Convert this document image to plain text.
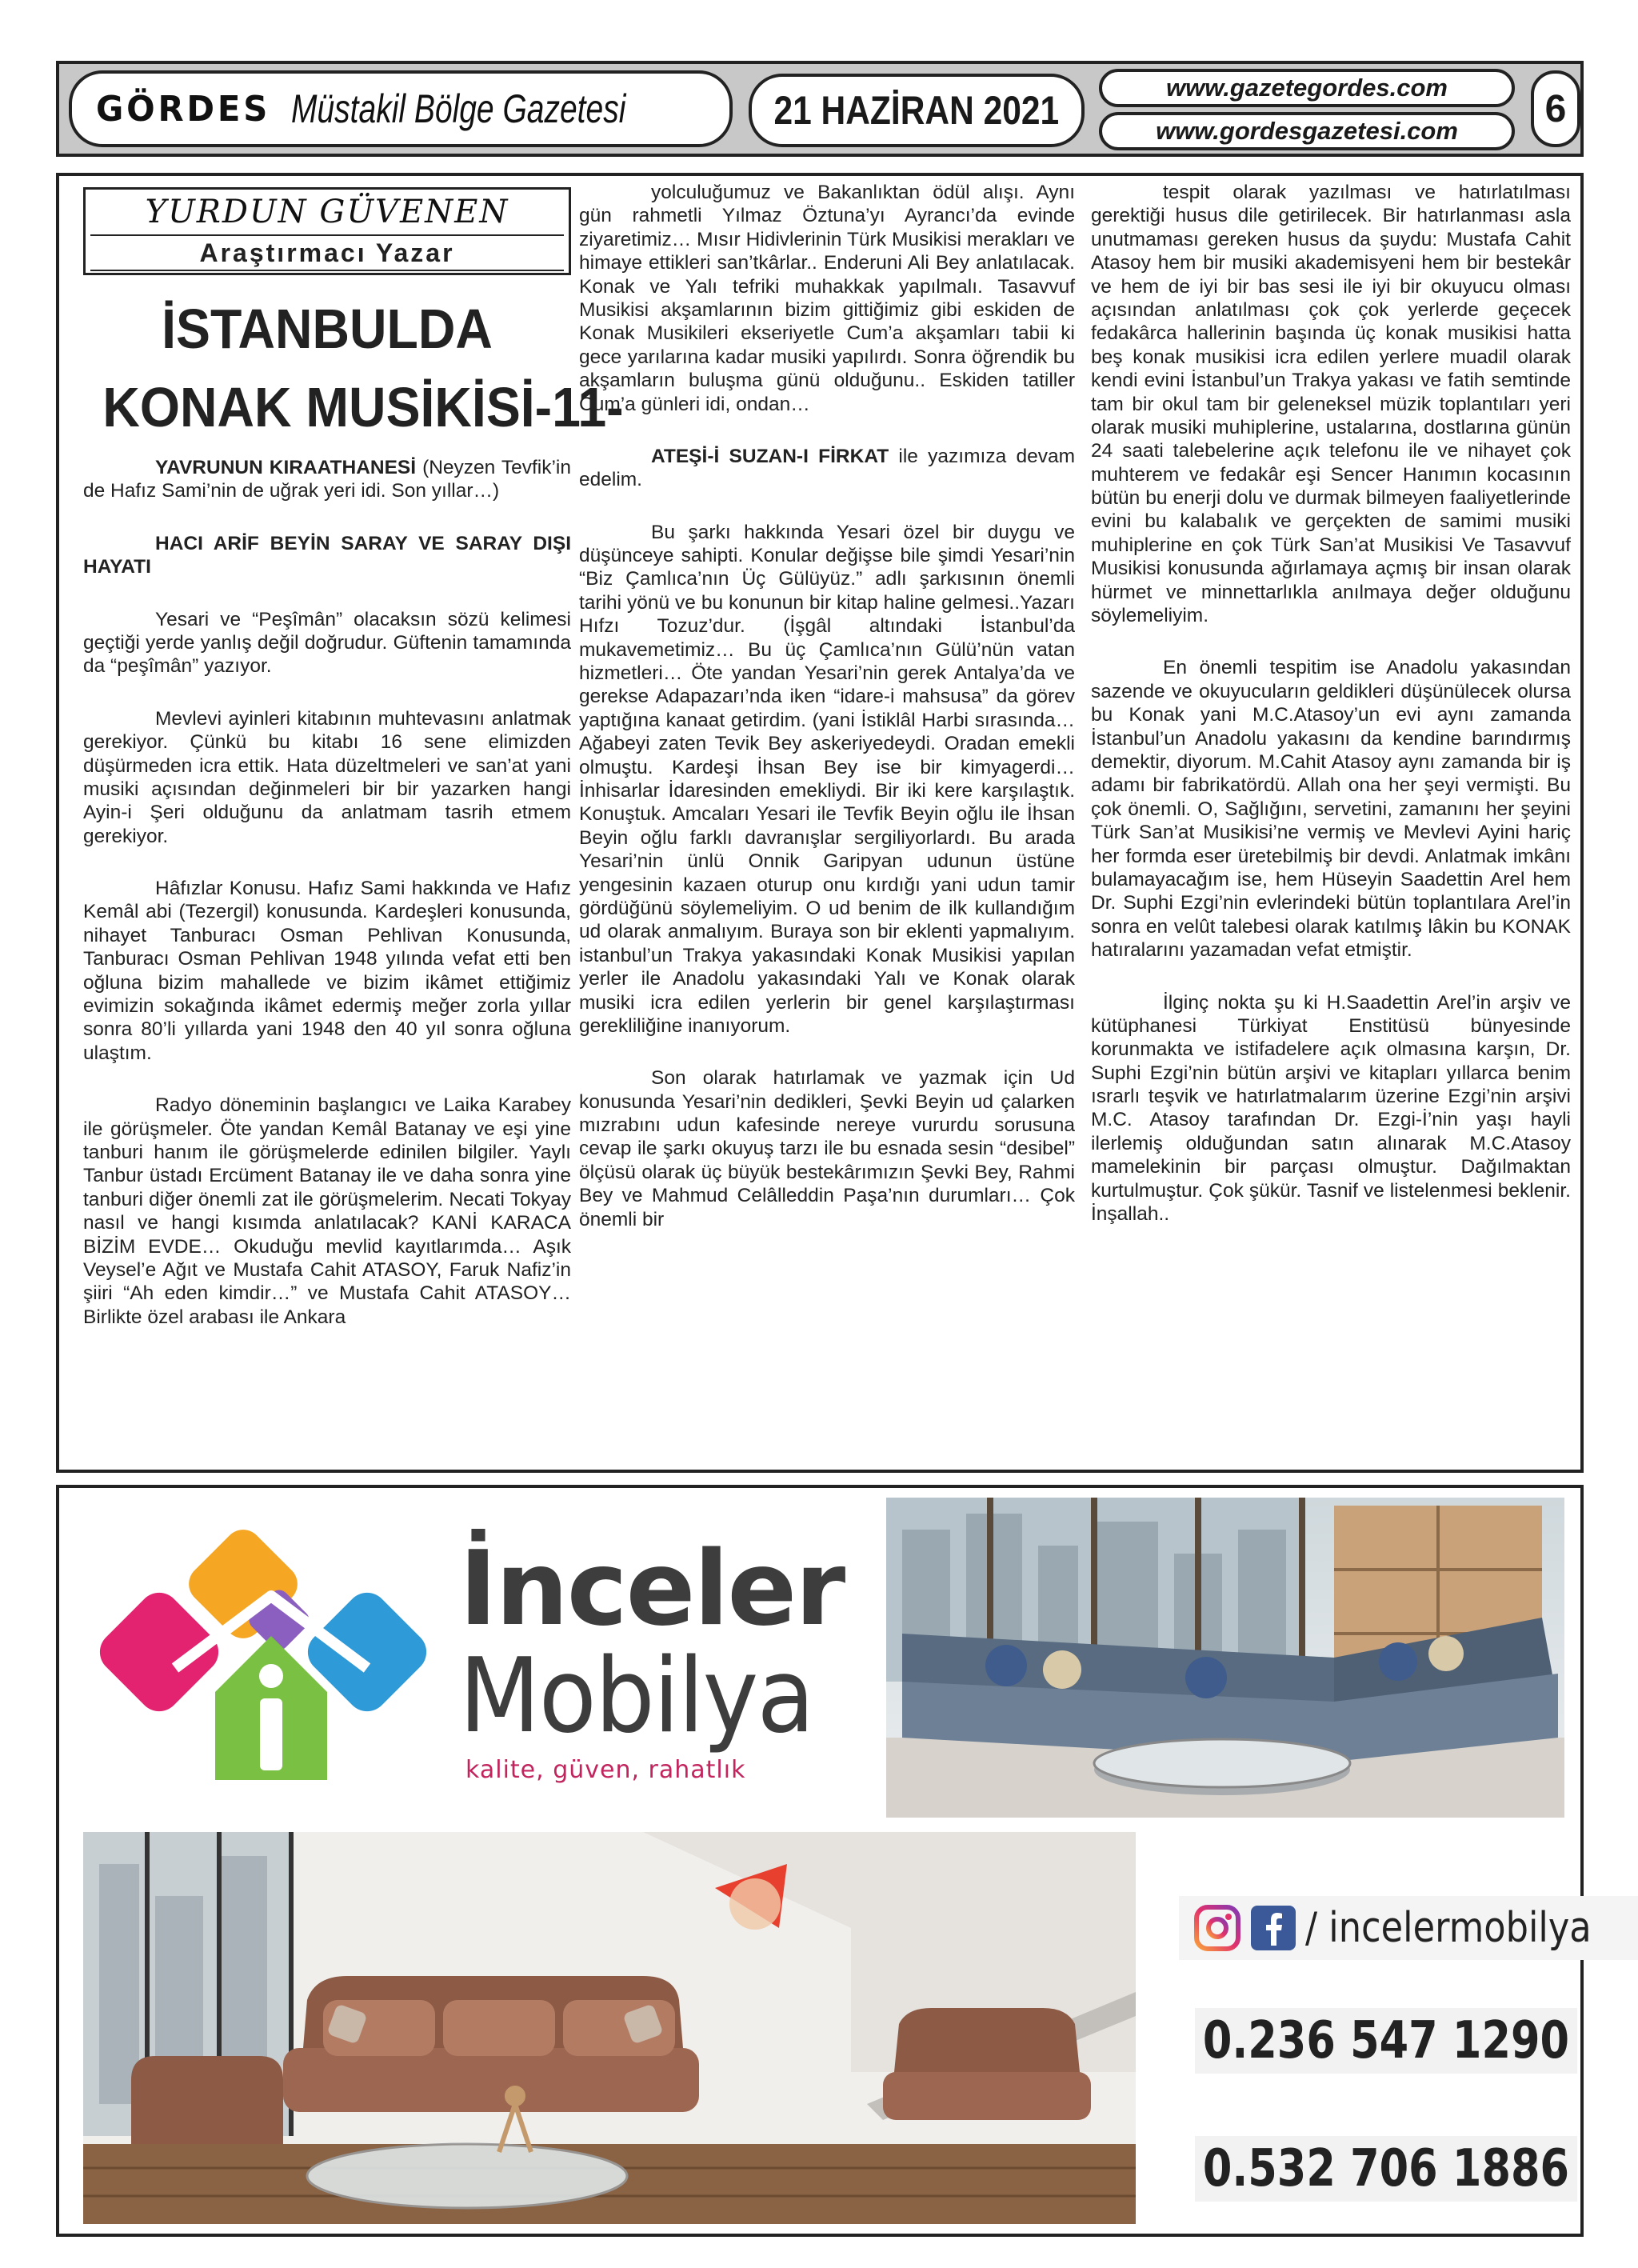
GÖRDES Müstakil Bölge Gazetesi	21 HAZİRAN 2021
www.gazetegordes.com
www.gordesgazetesi.com
6
YURDUN GÜVENEN
Araştırmacı Yazar
İSTANBULDA
KONAK MUSİKİSİ-11-

YAVRUNUN KIRAATHANESİ (Neyzen Tevfik’in de Hafız Sami’nin de uğrak yeri idi. Son yıllar…)

HACI ARİF BEYİN SARAY VE SARAY DIŞI HAYATI

Yesari ve “Peşîmân” olacaksın sözü kelimesi geçtiği yerde yanlış değil doğrudur. Güftenin tamamında da “peşîmân” yazıyor.

Mevlevi ayinleri kitabının muhtevasını anlatmak gerekiyor. Çünkü bu kitabı 16 sene elimizden düşürmeden icra ettik. Hata düzeltmeleri ve san’at yani musiki açısından değinmeleri bir bir yazarken hangi Ayin-i Şeri olduğunu da anlatmam tasrih etmem gerekiyor.

Hâfızlar Konusu. Hafız Sami hakkında ve Hafız Kemâl abi (Tezergil) konusunda. Kardeşleri konusunda, nihayet Tanburacı Osman Pehlivan Konusunda, Tanburacı Osman Pehlivan 1948 yılında vefat etti ben oğluna bizim mahallede ve bizim ikâmet ettiğimiz evimizin sokağında ikâmet edermiş meğer zorla yıllar sonra 80’li yıllarda yani 1948 den 40 yıl sonra oğluna ulaştım.

Radyo döneminin başlangıcı ve Laika Karabey ile görüşmeler. Öte yandan Kemâl Batanay ve eşi yine tanburi hanım ile görüşmelerde edinilen bilgiler. Yaylı Tanbur üstadı Ercüment Batanay ile ve daha sonra yine tanburi diğer önemli zat ile görüşmelerim. Necati Tokyay nasıl ve hangi kısımda anlatılacak? KANİ KARACA BİZİM EVDE… Okuduğu mevlid kayıtlarımda… Aşık Veysel’e Ağıt ve Mustafa Cahit ATASOY, Faruk Nafiz’in şiiri “Ah eden kimdir…” ve Mustafa Cahit ATASOY… Birlikte özel arabası ile Ankara

yolculuğumuz ve Bakanlıktan ödül alışı. Aynı gün rahmetli Yılmaz Öztuna’yı Ayrancı’da evinde ziyaretimiz… Mısır Hidivlerinin Türk Musikisi merakları ve himaye ettikleri san’tkârlar.. Enderuni Ali Bey anlatılacak. Konak ve Yalı tefriki muhakkak yapılmalı. Tasavvuf Musikisi akşamlarının bizim gittiğimiz gibi eskiden de Konak Musikileri ekseriyetle Cum’a akşamları tabii ki gece yarılarına kadar musiki yapılırdı. Sonra öğrendik bu akşamların buluşma günü olduğunu.. Eskiden tatiller Cum’a günleri idi, ondan…

ATEŞİ-İ SUZAN-I FİRKAT ile yazımıza devam edelim.

Bu şarkı hakkında Yesari özel bir duygu ve düşünceye sahipti. Konular değişse bile şimdi Yesari’nin “Biz Çamlıca’nın Üç Gülüyüz.” adlı şarkısının önemli tarihi yönü ve bu konunun bir kitap haline gelmesi..Yazarı Hıfzı Tozuz’dur. (İşgâl altındaki İstanbul’da mukavemetimiz… Bu üç Çamlıca’nın Gülü’nün vatan hizmetleri… Öte yandan Yesari’nin gerek Antalya’da ve gerekse Adapazarı’nda iken “idare-i mahsusa” da görev yaptığına kanaat getirdim. (yani İstiklâl Harbi sırasında… Ağabeyi zaten Tevik Bey askeriyedeydi. Oradan emekli olmuştu. Kardeşi İhsan Bey ise bir kimyagerdi… İnhisarlar İdaresinden emekliydi. Bir iki kere karşılaştık. Konuştuk. Amcaları Yesari ile Tevfik Beyin oğlu ile İhsan Beyin oğlu farklı davranışlar sergiliyorlardı. Bu arada Yesari’nin ünlü Onnik Garipyan udunun üstüne yengesinin kazaen oturup onu kırdığı yani udun tamir gördüğünü söylemeliyim. O ud benim de ilk kullandığım ud olarak anmalıyım. Buraya son bir eklenti yapmalıyım. istanbul’un Trakya yakasındaki Konak Musikisi yapılan yerler ile Anadolu yakasındaki Yalı ve Konak olarak musiki icra edilen yerlerin bir genel karşılaştırması gerekliliğine inanıyorum.

Son olarak hatırlamak ve yazmak için Ud konusunda Yesari’nin dedikleri, Şevki Beyin ud çalarken mızrabını udun kafesinde nereye vururdu sorusuna cevap ile şarkı okuyuş tarzı ile bu esnada sesin “desibel” ölçüsü olarak üç büyük bestekârımızın Şevki Bey, Rahmi Bey ve Mahmud Celâlleddin Paşa’nın durumları… Çok önemli bir

tespit olarak yazılması ve hatırlatılması gerektiği husus dile getirilecek. Bir hatırlanması asla unutmaması gereken husus da şuydu: Mustafa Cahit Atasoy hem bir musiki akademisyeni hem bir bestekâr ve hem de iyi bir bas sesi ile iyi bir okuyucu olması açısından anlatılması çok çok yerlerde geçecek fedakârca hallerinin başında üç konak musikisi hatta beş konak musikisi icra edilen yerlere muadil olarak kendi evini İstanbul’un Trakya yakası ve fatih semtinde tam bir okul tam bir geleneksel müzik toplantıları yeri olarak musiki muhiplerine, ustalarına, dostlarına günün 24 saati talebelerine açık telefonu ile ve nihayet çok muhterem ve fedakâr eşi Sencer Hanımın kocasının bütün bu enerji dolu ve durmak bilmeyen faaliyetlerinde evini bu kalabalık ve gerçekten de samimi musiki muhiplerine en çok Türk San’at Musikisi Ve Tasavvuf Musikisi konusunda ağırlamaya açmış bir insan olarak hürmet ve minnettarlıkla anılmaya değer olduğunu söylemeliyim.

En önemli tespitim ise Anadolu yakasından sazende ve okuyucuların geldikleri düşünülecek olursa bu Konak yani M.C.Atasoy’un evi aynı zamanda İstanbul’un Anadolu yakasını da kendine barındırmış demektir, diyorum. M.Cahit Atasoy aynı zamanda bir iş adamı bir fabrikatördü. Allah ona her şeyi vermişti. Bu çok önemli. O, Sağlığını, servetini, zamanını her şeyini Türk San’at Musikisi’ne vermiş ve Mevlevi Ayini hariç her formda eser üretebilmiş bir devdi. Anlatmak imkânı bulamayacağım ise, hem Hüseyin Saadettin Arel hem Dr. Suphi Ezgi’nin evlerindeki bütün toplantılara Arel’in sonra en velût talebesi olarak katılmış lâkin bu KONAK hatıralarını yazamadan vefat etmiştir.

İlginç nokta şu ki H.Saadettin Arel’in arşiv ve kütüphanesi Türkiyat Enstitüsü bünyesinde korunmakta ve istifadelere açık olmasına karşın, Dr. Suphi Ezgi’nin bütün arşivi ve kitapları yıllarca benim ısrarlı teşvik ve hatırlatmalarım üzerine Ezgi’nin arşivi M.C. Atasoy tarafından Dr. Ezgi-İ’nin yaşı hayli ilerlemiş olduğundan satın alınarak M.C.Atasoy mamelekinin bir parçası olmuştur. Dağılmaktan kurtulmuştur. Çok şükür. Tasnif ve listelenmesi beklenir. İnşallah..

İnceler
Mobilya
kalite, güven, rahatlık
/ incelermobilya
0.236 547 1290
0.532 706 1886
